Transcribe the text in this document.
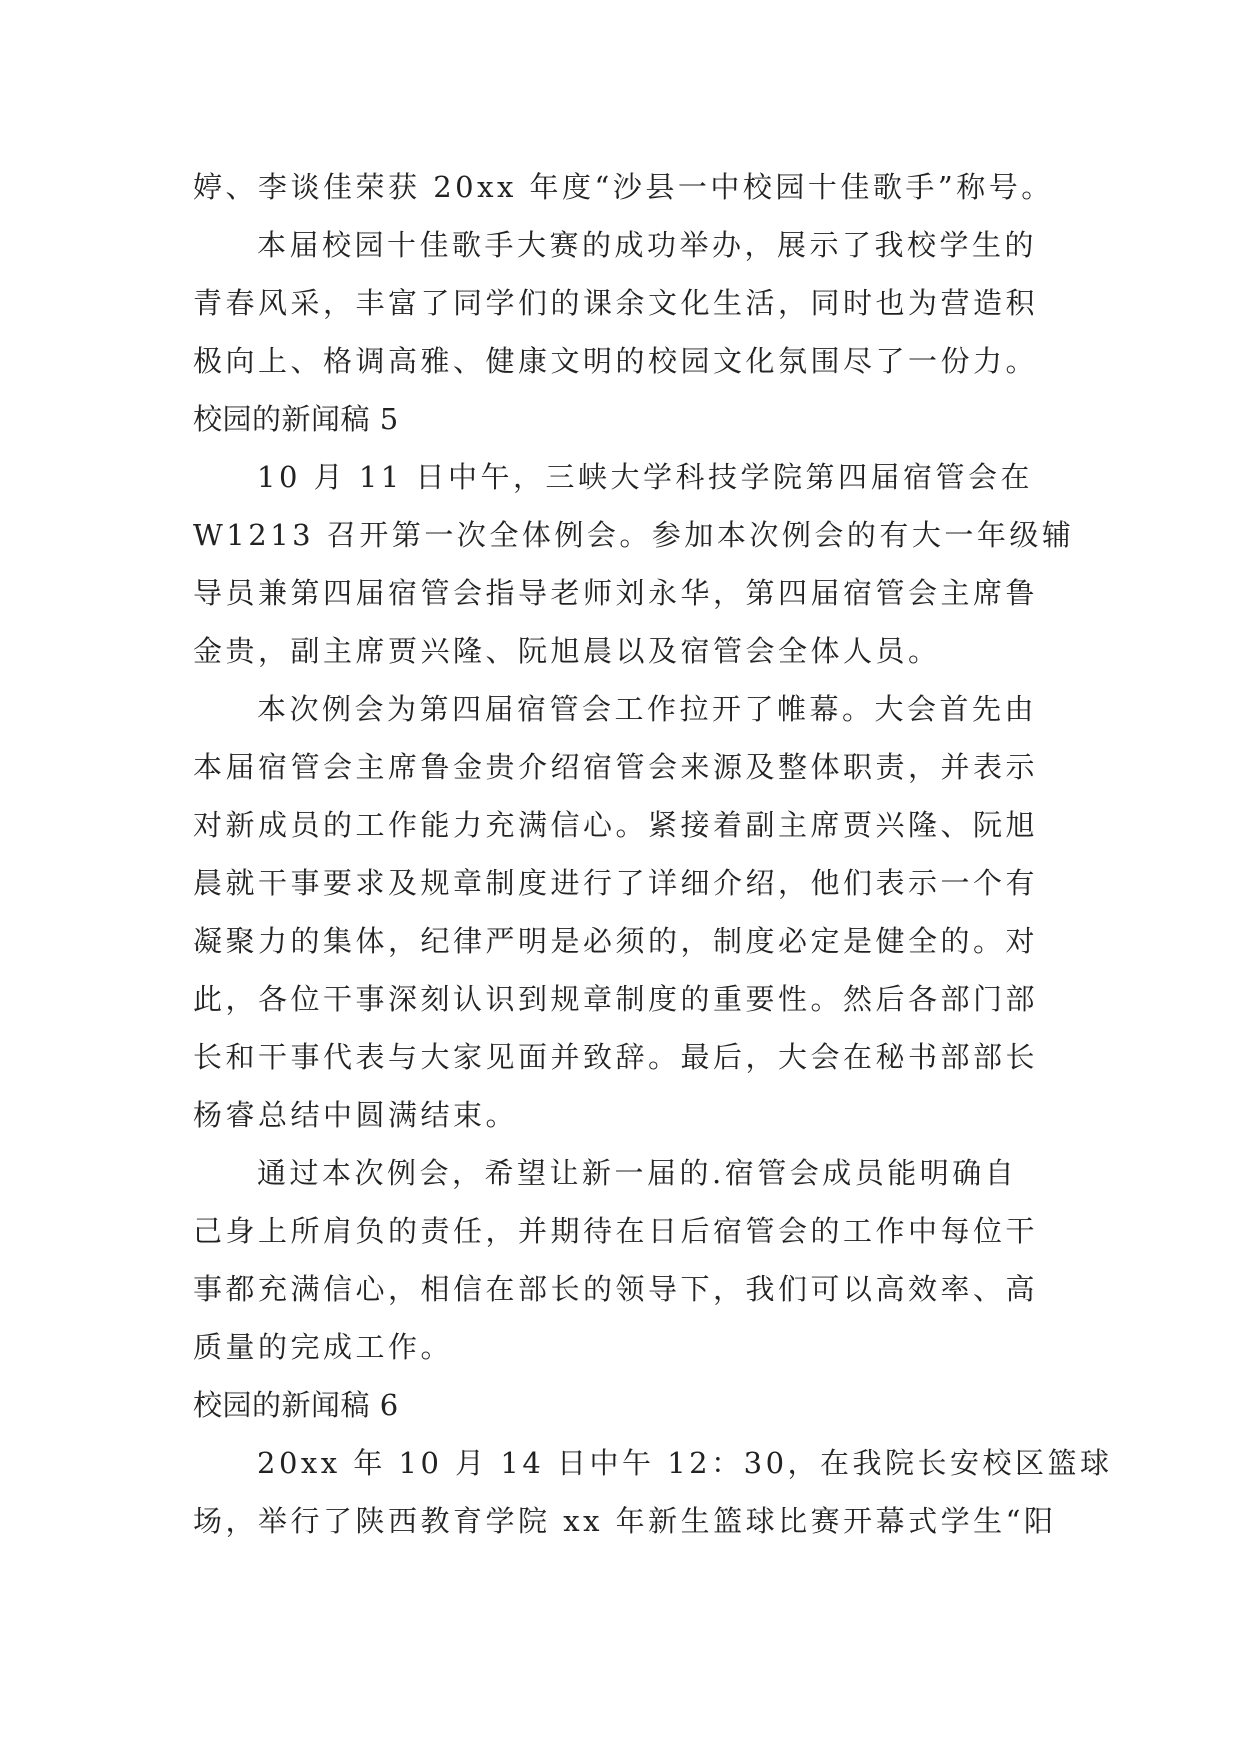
婷、李谈佳荣获 20xx 年度“沙县一中校园十佳歌手”称号。
本届校园十佳歌手大赛的成功举办，展示了我校学生的
青春风采，丰富了同学们的课余文化生活，同时也为营造积
极向上、格调高雅、健康文明的校园文化氛围尽了一份力。
校园的新闻稿 5
10 月 11 日中午，三峡大学科技学院第四届宿管会在
W1213 召开第一次全体例会。参加本次例会的有大一年级辅
导员兼第四届宿管会指导老师刘永华，第四届宿管会主席鲁
金贵，副主席贾兴隆、阮旭晨以及宿管会全体人员。
本次例会为第四届宿管会工作拉开了帷幕。大会首先由
本届宿管会主席鲁金贵介绍宿管会来源及整体职责，并表示
对新成员的工作能力充满信心。紧接着副主席贾兴隆、阮旭
晨就干事要求及规章制度进行了详细介绍，他们表示一个有
凝聚力的集体，纪律严明是必须的，制度必定是健全的。对
此，各位干事深刻认识到规章制度的重要性。然后各部门部
长和干事代表与大家见面并致辞。最后，大会在秘书部部长
杨睿总结中圆满结束。
通过本次例会，希望让新一届的.宿管会成员能明确自
己身上所肩负的责任，并期待在日后宿管会的工作中每位干
事都充满信心，相信在部长的领导下，我们可以高效率、高
质量的完成工作。
校园的新闻稿 6
20xx 年 10 月 14 日中午 12：30，在我院长安校区篮球
场，举行了陕西教育学院 xx 年新生篮球比赛开幕式学生“阳
